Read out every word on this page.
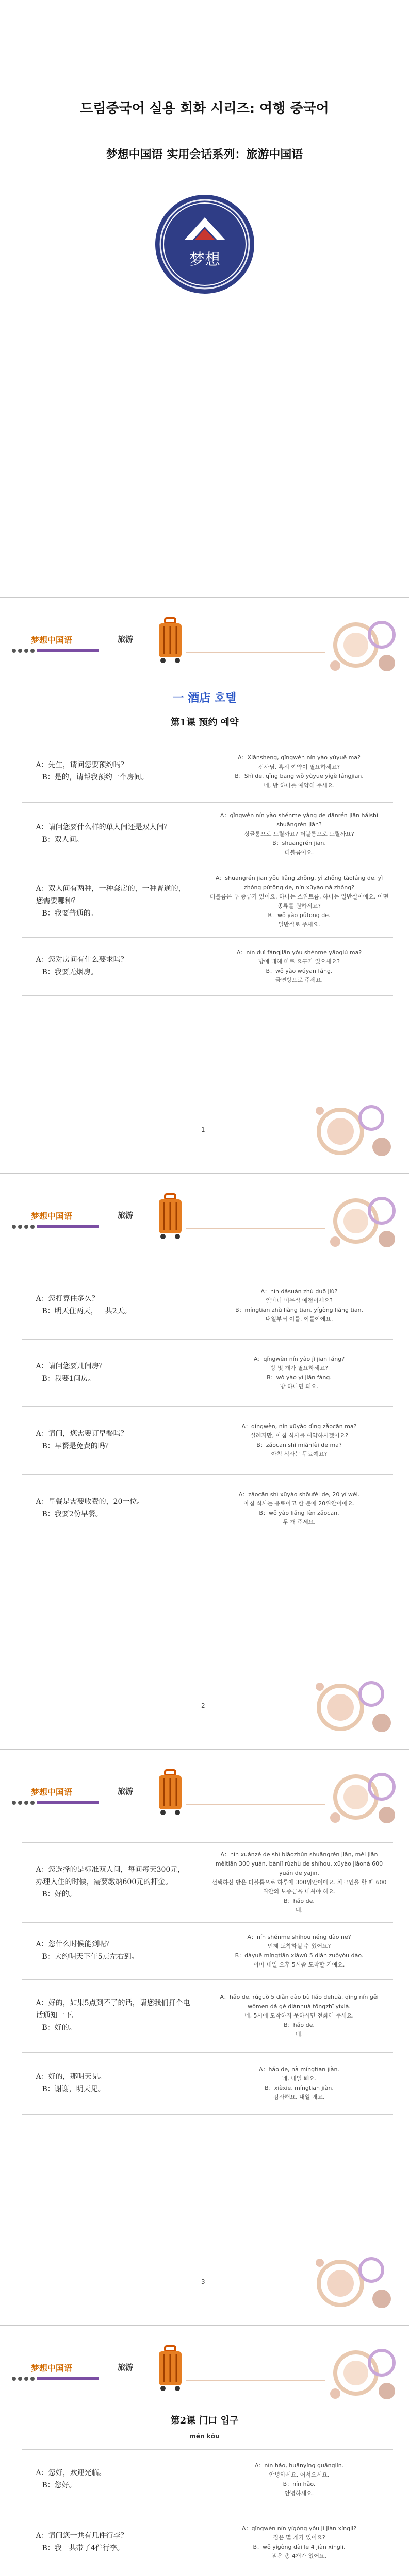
드림중국어 실용 회화 시리즈: 여행 중국어
梦想中国语 实用会话系列：旅游中国语
梦想
梦想中国语	旅游
一 酒店 호텔
第1课 预约 예약
A：先生，请问您要预约吗？
B：是的，请帮我预约一个房间。
A：Xiānsheng, qǐngwèn nín yào yùyuē ma?
신사님, 혹시 예약이 필요하세요?
B：Shì de, qǐng bāng wǒ yùyuē yígè fángjiān.
네, 방 하나를 예약해 주세요.
A：请问您要什么样的单人间还是双人间？
B：双人间。
A：qǐngwèn nín yào shénme yàng de dānrén jiān háishì shuāngrén jiān?
싱글룸으로 드릴까요? 더블룸으로 드릴까요?
B：shuāngrén jiān.
더블룸이요.
A：双人间有两种，一种套房的，一种普通的，您需要哪种？
B：我要普通的。
A：shuāngrén jiān yǒu liǎng zhǒng, yì zhǒng tàofáng de, yì zhǒng pǔtōng de, nín xūyào nǎ zhǒng?
더블룸은 두 종류가 있어요. 하나는 스위트룸, 하나는 일반실이에요. 어떤 종류를 원하세요?
B：wǒ yào pǔtōng de.
일반실로 주세요.
A：您对房间有什么要求吗？
B：我要无烟房。
A：nín duì fángjiān yǒu shénme yāoqiú ma?
방에 대해 따로 요구가 있으세요?
B：wǒ yào wúyān fáng.
금연방으로 주세요.
1
梦想中国语	旅游
A：您打算住多久？
B：明天住两天，一共2天。
A：nín dǎsuàn zhù duō jiǔ?
얼마나 머무실 예정이세요?
B：míngtiān zhù liǎng tiān, yígòng liǎng tiān.
내일부터 이틀, 이틀이에요.
A：请问您要几间房？
B：我要1间房。
A：qǐngwèn nín yào jǐ jiān fáng?
방 몇 개가 필요하세요?
B：wǒ yào yì jiān fáng.
방 하나면 돼요.
A：请问，您需要订早餐吗？
B：早餐是免费的吗？
A：qǐngwèn, nín xūyào dìng zǎocān ma?
실례지만, 아침 식사를 예약하시겠어요?
B：zǎocān shì miǎnfèi de ma?
아침 식사는 무료예요?
A：早餐是需要收费的，20一位。
B：我要2份早餐。
A：zǎocān shì xūyào shōufèi de, 20 yí wèi.
아침 식사는 유료이고 한 분에 20위안이에요.
B：wǒ yào liǎng fèn zǎocān.
두 개 주세요.
2
梦想中国语	旅游
A：您选择的是标准双人间，每间每天300元，办理入住的时候，需要缴纳600元的押金。
B：好的。
A：nín xuǎnzé de shì biāozhǔn shuāngrén jiān, měi jiān měitiān 300 yuán, bànlǐ rùzhù de shíhou, xūyào jiǎonà 600 yuán de yājīn.
선택하신 방은 더블룸으로 하루에 300위안이에요. 체크인을 할 때 600위안의 보증금을 내셔야 해요.
B：hǎo de.
네.
A：您什么时候能到呢？
B：大约明天下午5点左右到。
A：nín shénme shíhou néng dào ne?
언제 도착하실 수 있어요?
B：dàyuē míngtiān xiàwǔ 5 diǎn zuǒyòu dào.
아마 내일 오후 5시쯤 도착할 거예요.
A：好的，如果5点到不了的话，请您我们打个电话通知一下。
B：好的。
A：hǎo de, rúguǒ 5 diǎn dào bù liǎo dehuà, qǐng nín gěi wǒmen dǎ gè diànhuà tōngzhī yíxià.
네, 5시에 도착하지 못하시면 전화해 주세요.
B：hǎo de.
네.
A：好的，那明天见。
B：谢谢，明天见。
A：hǎo de, nà míngtiān jiàn.
네, 내일 봬요.
B：xièxie, míngtiān jiàn.
감사해요, 내일 봬요.
3
梦想中国语	旅游
第2课 门口 입구
mén kǒu
A：您好，欢迎光临。
B：您好。
A：nín hǎo, huānyíng guānglín.
안녕하세요, 어서오세요.
B：nín hǎo.
안녕하세요.
A：请问您一共有几件行李？
B：我一共带了4件行李。
A：qǐngwèn nín yígòng yǒu jǐ jiàn xíngli?
짐은 몇 개가 있어요?
B：wǒ yígòng dài le 4 jiàn xíngli.
짐은 총 4개가 있어요.
